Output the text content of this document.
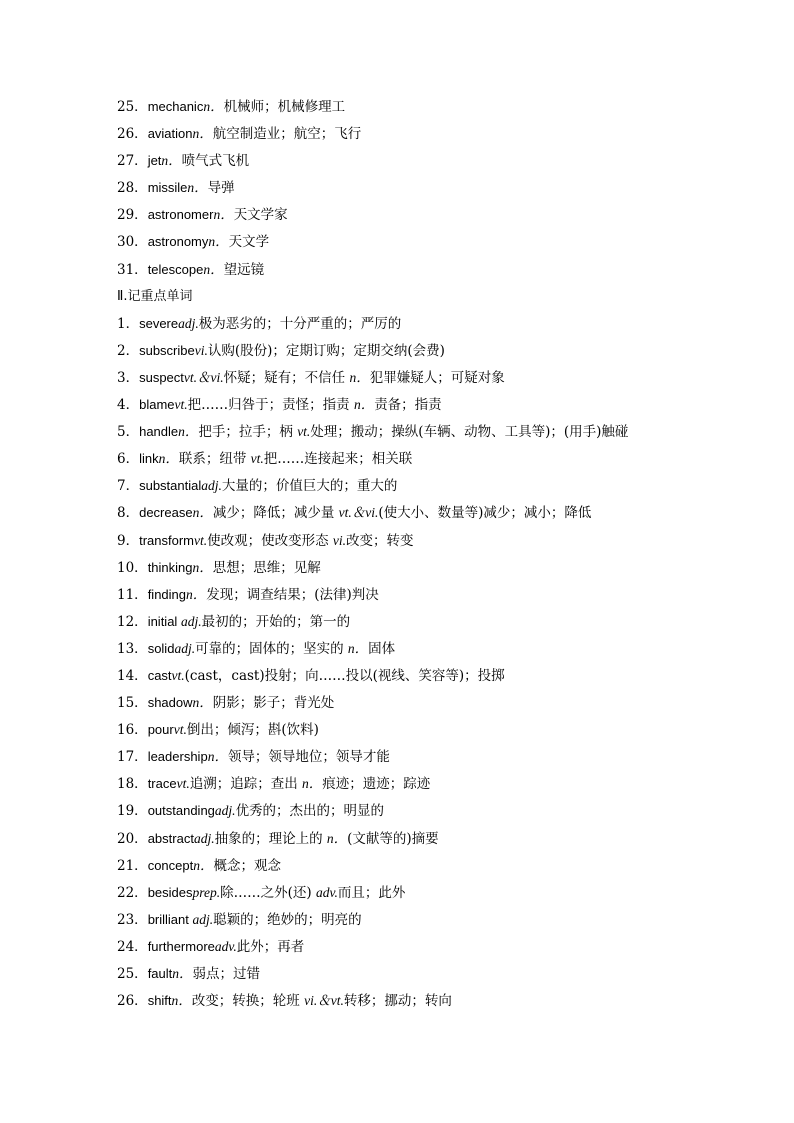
25．mechanicn．机械师；机械修理工
26．aviationn．航空制造业；航空；飞行
27．jetn．喷气式飞机
28．missilen．导弹
29．astronomern．天文学家
30．astronomyn．天文学
31．telescopen．望远镜
Ⅱ.记重点单词
1．severeadj.极为恶劣的；十分严重的；严厉的
2．subscribevi.认购(股份)；定期订购；定期交纳(会费)
3．suspectvt.＆vi.怀疑；疑有；不信任 n．犯罪嫌疑人；可疑对象
4．blamevt.把……归咎于；责怪；指责 n．责备；指责
5．handlen．把手；拉手；柄 vt.处理；搬动；操纵(车辆、动物、工具等)；(用手)触碰
6．linkn．联系；纽带 vt.把……连接起来；相关联
7．substantialadj.大量的；价值巨大的；重大的
8．decreasen．减少；降低；减少量 vt.＆vi.(使大小、数量等)减少；减小；降低
9．transformvt.使改观；使改变形态 vi.改变；转变
10．thinkingn．思想；思维；见解
11．findingn．发现；调查结果；(法律)判决
12．initial adj.最初的；开始的；第一的
13．solidadj.可靠的；固体的；坚实的 n．固体
14．castvt.(cast，cast)投射；向……投以(视线、笑容等)；投掷
15．shadown．阴影；影子；背光处
16．pourvt.倒出；倾泻；斟(饮料)
17．leadershipn．领导；领导地位；领导才能
18．tracevt.追溯；追踪；查出 n．痕迹；遗迹；踪迹
19．outstandingadj.优秀的；杰出的；明显的
20．abstractadj.抽象的；理论上的 n．(文献等的)摘要
21．conceptn．概念；观念
22．besidesprep.除……之外(还) adv.而且；此外
23．brilliant adj.聪颖的；绝妙的；明亮的
24．furthermoreadv.此外；再者
25．faultn．弱点；过错
26．shiftn．改变；转换；轮班 vi.＆vt.转移；挪动；转向
